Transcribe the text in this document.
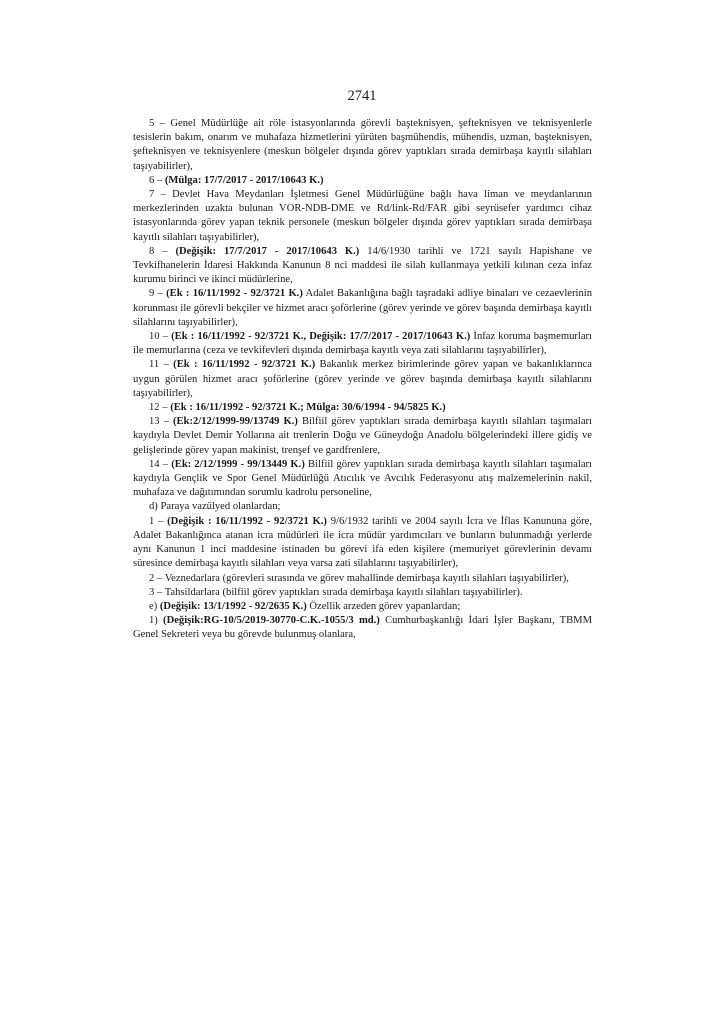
2741

5 – Genel Müdürlüğe ait röle istasyonlarında görevli başteknisyen, şefteknisyen ve teknisyenlerle tesislerin bakım, onarım ve muhafaza hizmetlerini yürüten başmühendis, mühendis, uzman, başteknisyen, şefteknisyen ve teknisyenlere (meskun bölgeler dışında görev yaptıkları sırada demirbaşa kayıtlı silahları taşıyabilirler),

6 – (Mülga: 17/7/2017 - 2017/10643 K.)

7 – Devlet Hava Meydanları İşletmesi Genel Müdürlüğüne bağlı hava liman ve meydanlarının merkezlerinden uzakta bulunan VOR-NDB-DME ve Rd/link-Rd/FAR gibi seyrüsefer yardımcı cihaz istasyonlarında görev yapan teknik personele (meskun bölgeler dışında görev yaptıkları sırada demirbaşa kayıtlı silahları taşıyabilirler),

8 – (Değişik: 17/7/2017 - 2017/10643 K.) 14/6/1930 tarihli ve 1721 sayılı Hapishane ve Tevkifhanelerin İdaresi Hakkında Kanunun 8 nci maddesi ile silah kullanmaya yetkili kılınan ceza infaz kurumu birinci ve ikinci müdürlerine,

9 – (Ek : 16/11/1992 - 92/3721 K.) Adalet Bakanlığına bağlı taşradaki adliye binaları ve cezaevlerinin korunması ile görevli bekçiler ve hizmet aracı şoförlerine (görev yerinde ve görev başında demirbaşa kayıtlı silahlarını taşıyabilirler),

10 – (Ek : 16/11/1992 - 92/3721 K., Değişik: 17/7/2017 - 2017/10643 K.) İnfaz koruma başmemurları ile memurlarına (ceza ve tevkifevleri dışında demirbaşa kayıtlı veya zati silahlarını taşıyabilirler),

11 – (Ek : 16/11/1992 - 92/3721 K.) Bakanlık merkez birimlerinde görev yapan ve bakanlıklarınca uygun görülen hizmet aracı şoförlerine (görev yerinde ve görev başında demirbaşa kayıtlı silahlarını taşıyabilirler),

12 – (Ek : 16/11/1992 - 92/3721 K.; Mülga: 30/6/1994 - 94/5825 K.)

13 – (Ek:2/12/1999-99/13749 K.) Bilfiil görev yaptıkları sırada demirbaşa kayıtlı silahları taşımaları kaydıyla Devlet Demir Yollarına ait trenlerin Doğu ve Güneydoğu Anadolu bölgelerindeki illere gidiş ve gelişlerinde görev yapan makinist, trenşef ve gardfrenlere,

14 – (Ek: 2/12/1999 - 99/13449 K.) Bilfiil görev yaptıkları sırada demirbaşa kayıtlı silahları taşımaları kaydıyla Gençlik ve Spor Genel Müdürlüğü Atıcılık ve Avcılık Federasyonu atış malzemelerinin nakil, muhafaza ve dağıtımından sorumlu kadrolu personeline,

d) Paraya vazülyed olanlardan;

1 – (Değişik : 16/11/1992 - 92/3721 K.) 9/6/1932 tarihli ve 2004 sayılı İcra ve İflas Kanununa göre, Adalet Bakanlığınca atanan icra müdürleri ile icra müdür yardımcıları ve bunların bulunmadığı yerlerde aynı Kanunun 1 inci maddesine istinaden bu görevi ifa eden kişilere (memuriyet görevlerinin devamı süresince demirbaşa kayıtlı silahları veya varsa zati silahlarını taşıyabilirler),

2 – Veznedarlara (görevleri sırasında ve görev mahallinde demirbaşa kayıtlı silahları taşıyabilirler),

3 – Tahsildarlara (bilfiil görev yaptıkları sırada demirbaşa kayıtlı silahları taşıyabilirler).

e) (Değişik: 13/1/1992 - 92/2635 K.) Özellik arzeden görev yapanlardan;

1) (Değişik:RG-10/5/2019-30770-C.K.-1055/3 md.) Cumhurbaşkanlığı İdari İşler Başkanı, TBMM Genel Sekreteri veya bu görevde bulunmuş olanlara,
